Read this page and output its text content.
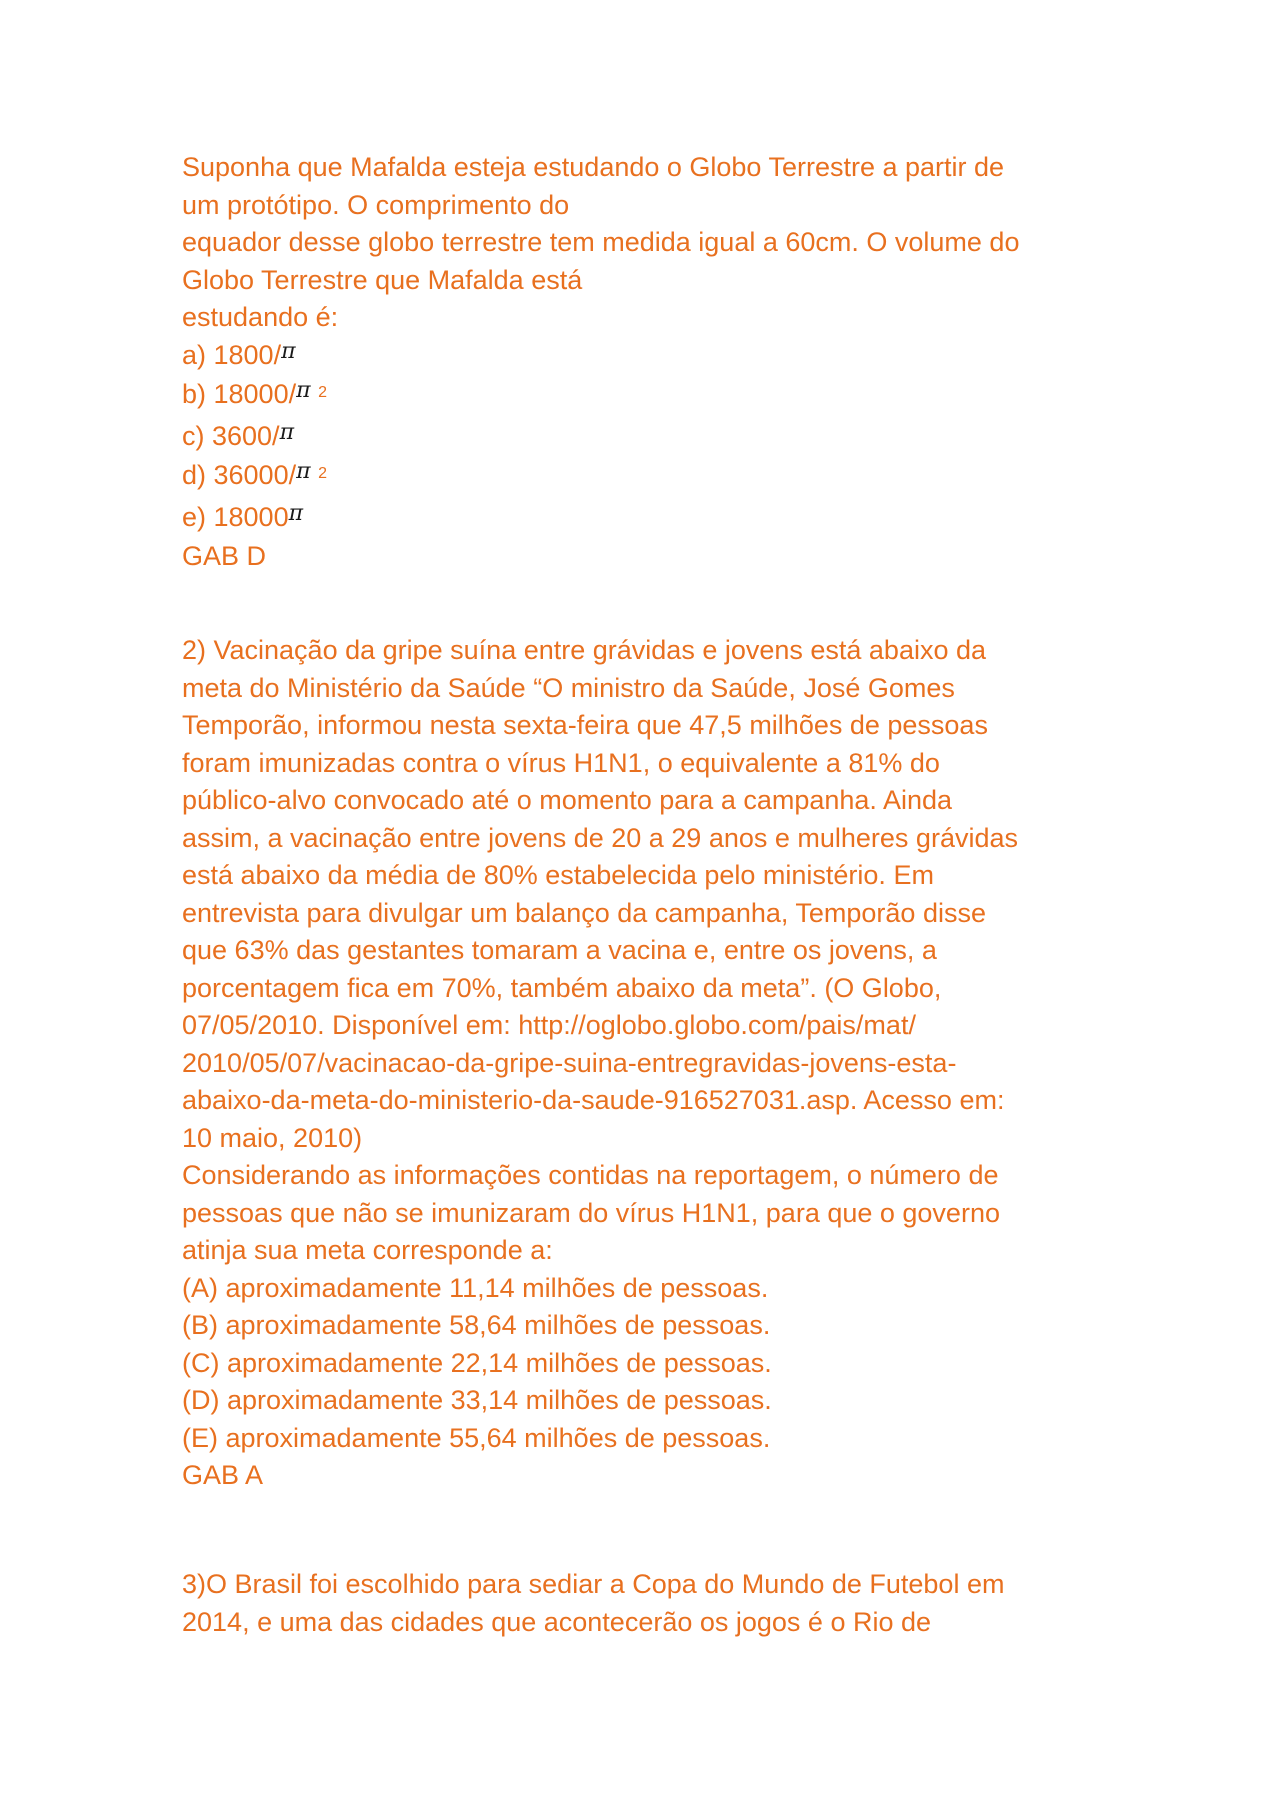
Suponha que Mafalda esteja estudando o Globo Terrestre a partir de

um protótipo. O comprimento do

equador desse globo terrestre tem medida igual a 60cm. O volume do

Globo Terrestre que Mafalda está

estudando é:

a) 1800/$^\pi$

b) 18000/$^\pi$ $^2$

c) 3600/$^\pi$

d) 36000/$^\pi$ $^2$

e) $18000^\pi$

GAB D

2) Vacinação da gripe suína entre grávidas e jovens está abaixo da

meta do Ministério da Saúde “O ministro da Saúde, José Gomes

Temporão, informou nesta sexta-feira que 47,5 milhões de pessoas

foram imunizadas contra o vírus H1N1, o equivalente a 81% do

público-alvo convocado até o momento para a campanha. Ainda

assim, a vacinação entre jovens de 20 a 29 anos e mulheres grávidas

está abaixo da média de 80% estabelecida pelo ministério. Em

entrevista para divulgar um balanço da campanha, Temporão disse

que 63% das gestantes tomaram a vacina e, entre os jovens, a

porcentagem fica em 70%, também abaixo da meta”. (O Globo,

07/05/2010. Disponível em: http://oglobo.globo.com/pais/mat/

2010/05/07/vacinacao-da-gripe-suina-entregravidas-jovens-esta-

abaixo-da-meta-do-ministerio-da-saude-916527031.asp. Acesso em:

10 maio, 2010)

Considerando as informações contidas na reportagem, o número de

pessoas que não se imunizaram do vírus H1N1, para que o governo

atinja sua meta corresponde a:

(A) aproximadamente 11,14 milhões de pessoas.

(B) aproximadamente 58,64 milhões de pessoas.

(C) aproximadamente 22,14 milhões de pessoas.

(D) aproximadamente 33,14 milhões de pessoas.

(E) aproximadamente 55,64 milhões de pessoas.

GAB A

3)O Brasil foi escolhido para sediar a Copa do Mundo de Futebol em

2014, e uma das cidades que acontecerão os jogos é o Rio de
